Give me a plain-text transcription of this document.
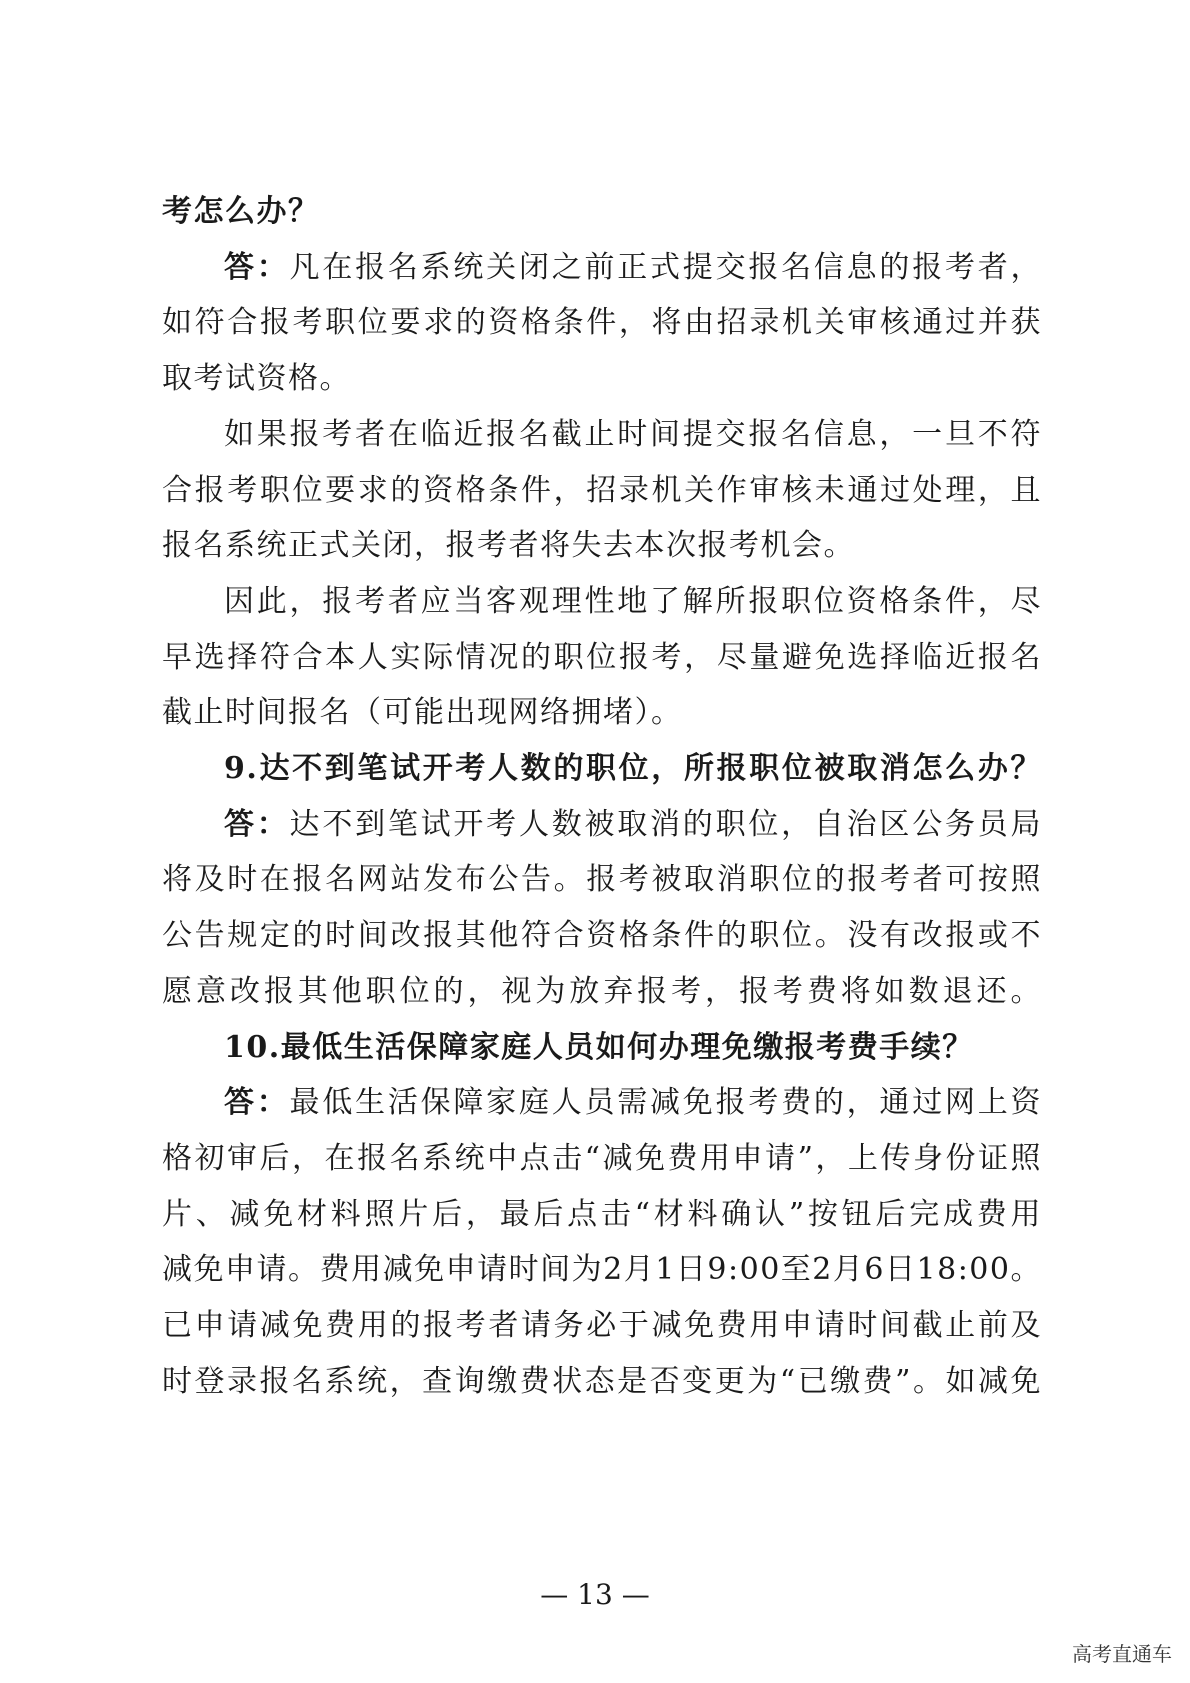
考怎么办？
答：凡在报名系统关闭之前正式提交报名信息的报考者，
如符合报考职位要求的资格条件，将由招录机关审核通过并获
取考试资格。
如果报考者在临近报名截止时间提交报名信息，一旦不符
合报考职位要求的资格条件，招录机关作审核未通过处理，且
报名系统正式关闭，报考者将失去本次报考机会。
因此，报考者应当客观理性地了解所报职位资格条件，尽
早选择符合本人实际情况的职位报考，尽量避免选择临近报名
截止时间报名（可能出现网络拥堵）。
9.达不到笔试开考人数的职位，所报职位被取消怎么办？
答：达不到笔试开考人数被取消的职位，自治区公务员局
将及时在报名网站发布公告。报考被取消职位的报考者可按照
公告规定的时间改报其他符合资格条件的职位。没有改报或不
愿意改报其他职位的，视为放弃报考，报考费将如数退还。
10.最低生活保障家庭人员如何办理免缴报考费手续？
答：最低生活保障家庭人员需减免报考费的，通过网上资
格初审后，在报名系统中点击“减免费用申请”，上传身份证照
片、减免材料照片后，最后点击“材料确认”按钮后完成费用
减免申请。费用减免申请时间为2月1日9:00至2月6日18:00。
已申请减免费用的报考者请务必于减免费用申请时间截止前及
时登录报名系统，查询缴费状态是否变更为“已缴费”。如减免
— 13 —
高考直通车
